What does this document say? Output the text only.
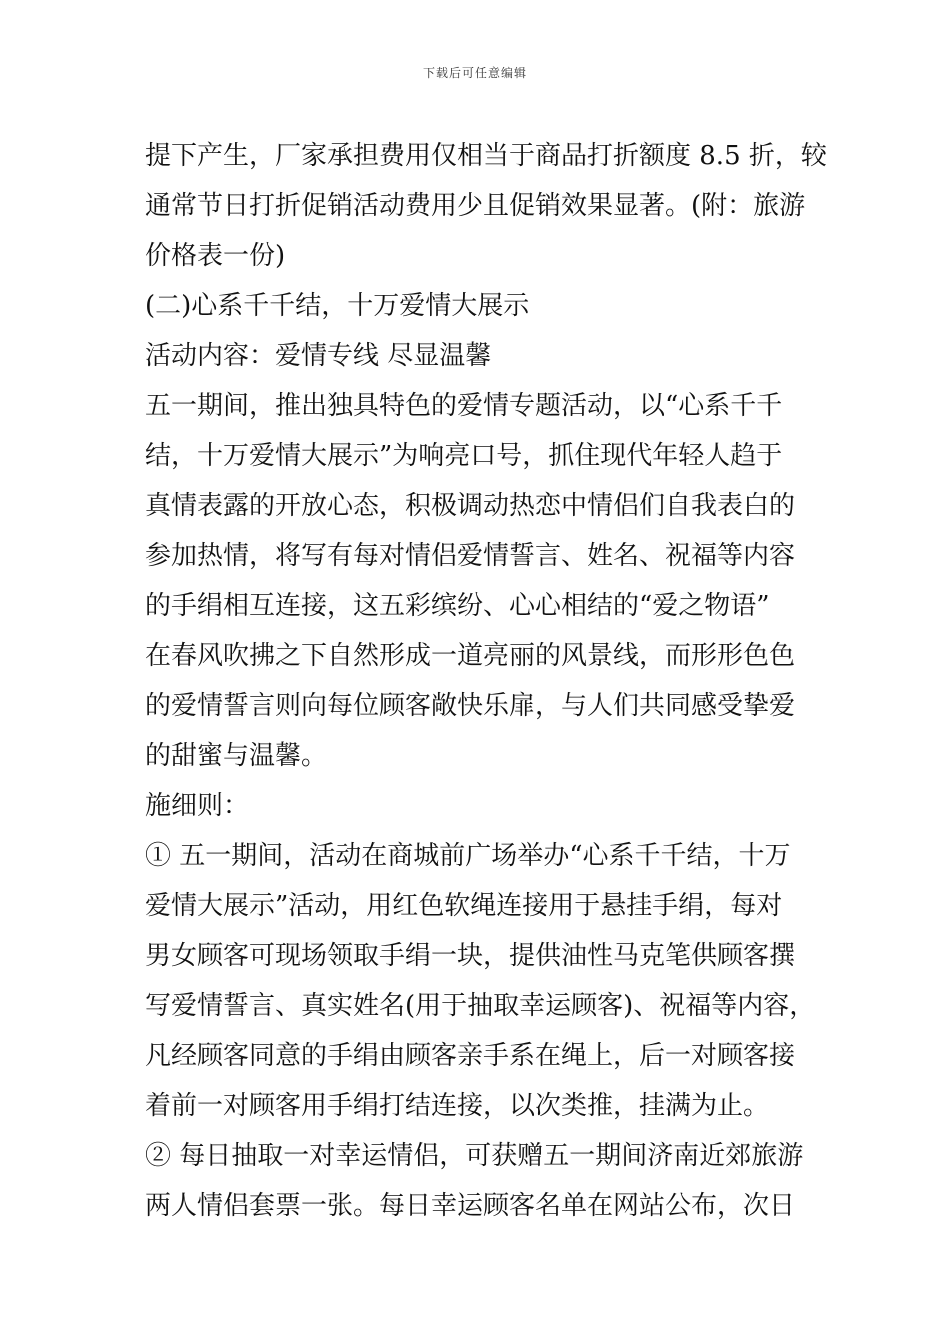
下载后可任意编辑
提下产生，厂家承担费用仅相当于商品打折额度 8.5 折，较
通常节日打折促销活动费用少且促销效果显著。(附：旅游
价格表一份)
(二)心系千千结，十万爱情大展示
活动内容：爱情专线 尽显温馨
五一期间，推出独具特色的爱情专题活动，以“心系千千
结，十万爱情大展示”为响亮口号，抓住现代年轻人趋于
真情表露的开放心态，积极调动热恋中情侣们自我表白的
参加热情，将写有每对情侣爱情誓言、姓名、祝福等内容
的手绢相互连接，这五彩缤纷、心心相结的“爱之物语”
在春风吹拂之下自然形成一道亮丽的风景线，而形形色色
的爱情誓言则向每位顾客敞快乐扉，与人们共同感受挚爱
的甜蜜与温馨。
施细则：
① 五一期间，活动在商城前广场举办“心系千千结，十万
爱情大展示”活动，用红色软绳连接用于悬挂手绢，每对
男女顾客可现场领取手绢一块，提供油性马克笔供顾客撰
写爱情誓言、真实姓名(用于抽取幸运顾客)、祝福等内容，
凡经顾客同意的手绢由顾客亲手系在绳上，后一对顾客接
着前一对顾客用手绢打结连接，以次类推，挂满为止。
② 每日抽取一对幸运情侣，可获赠五一期间济南近郊旅游
两人情侣套票一张。每日幸运顾客名单在网站公布，次日
